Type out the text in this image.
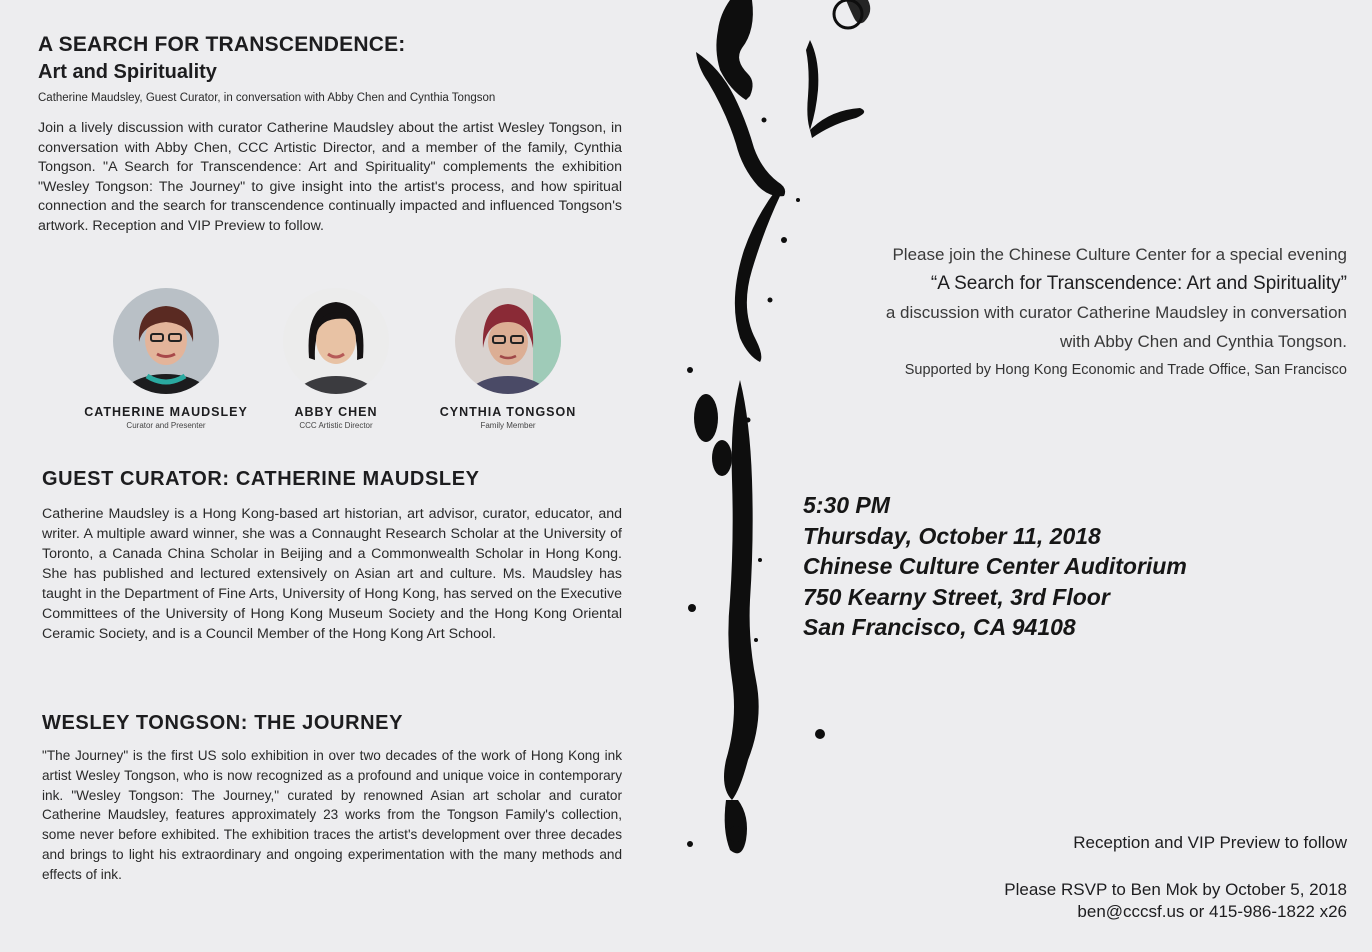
A SEARCH FOR TRANSCENDENCE:
Art and Spirituality

Catherine Maudsley, Guest Curator, in conversation with Abby Chen and Cynthia Tongson

Join a lively discussion with curator Catherine Maudsley about the artist Wesley Tongson, in conversation with Abby Chen, CCC Artistic Director, and a member of the family, Cynthia Tongson. "A Search for Transcendence: Art and Spirituality" complements the exhibition "Wesley Tongson: The Journey" to give insight into the artist's process, and how spiritual connection and the search for transcendence continually impacted and influenced Tongson's artwork. Reception and VIP Preview to follow.

CATHERINE MAUDSLEY
Curator and Presenter
ABBY CHEN
CCC Artistic Director
CYNTHIA TONGSON
Family Member
GUEST CURATOR: CATHERINE MAUDSLEY

Catherine Maudsley is a Hong Kong-based art historian, art advisor, curator, educator, and writer. A multiple award winner, she was a Connaught Research Scholar at the University of Toronto, a Canada China Scholar in Beijing and a Commonwealth Scholar in Hong Kong. She has published and lectured extensively on Asian art and culture. Ms. Maudsley has taught in the Department of Fine Arts, University of Hong Kong, has served on the Executive Committees of the University of Hong Kong Museum Society and the Hong Kong Oriental Ceramic Society, and is a Council Member of the Hong Kong Art School.

WESLEY TONGSON: THE JOURNEY

"The Journey" is the first US solo exhibition in over two decades of the work of Hong Kong ink artist Wesley Tongson, who is now recognized as a profound and unique voice in contemporary ink. "Wesley Tongson: The Journey," curated by renowned Asian art scholar and curator Catherine Maudsley, features approximately 23 works from the Tongson Family's collection, some never before exhibited. The exhibition traces the artist's development over three decades and brings to light his extraordinary and ongoing experimentation with the many methods and effects of ink.

Please join the Chinese Culture Center for a special evening

“A Search for Transcendence: Art and Spirituality”

a discussion with curator Catherine Maudsley in conversation

with Abby Chen and Cynthia Tongson.

Supported by Hong Kong Economic and Trade Office, San Francisco

5:30 PM

Thursday, October 11, 2018

Chinese Culture Center Auditorium

750 Kearny Street, 3rd Floor

San Francisco, CA 94108

Reception and VIP Preview to follow

Please RSVP to Ben Mok by October 5, 2018

ben@cccsf.us or 415-986-1822 x26
